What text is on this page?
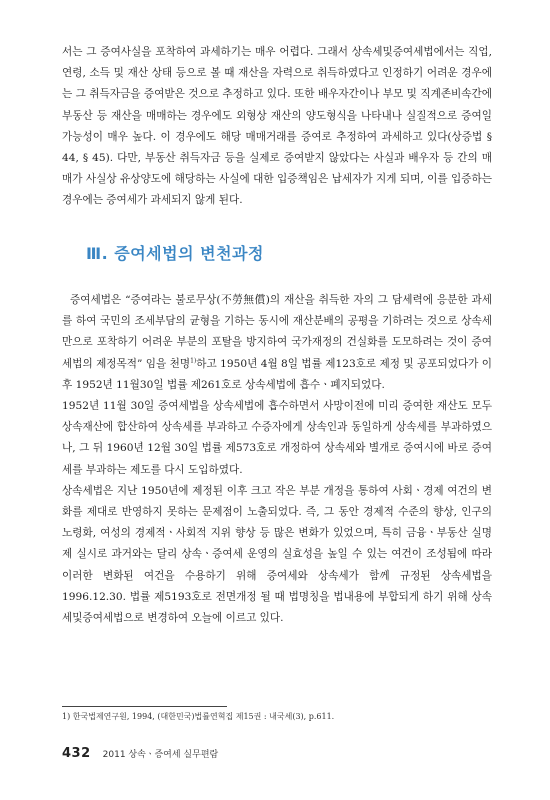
서는 그 증여사실을 포착하여 과세하기는 매우 어렵다. 그래서 상속세및증여세법에서는 직업, 연령, 소득 및 재산 상태 등으로 볼 때 재산을 자력으로 취득하였다고 인정하기 어려운 경우에는 그 취득자금을 증여받은 것으로 추정하고 있다. 또한 배우자간이나 부모 및 직계존비속간에 부동산 등 재산을 매매하는 경우에도 외형상 재산의 양도형식을 나타내나 실질적으로 증여일 가능성이 매우 높다. 이 경우에도 해당 매매거래를 증여로 추정하여 과세하고 있다(상증법 § 44, § 45). 다만, 부동산 취득자금 등을 실제로 증여받지 않았다는 사실과 배우자 등 간의 매매가 사실상 유상양도에 해당하는 사실에 대한 입증책임은 납세자가 지게 되며, 이를 입증하는 경우에는 증여세가 과세되지 않게 된다.

Ⅲ. 증여세법의 변천과정
증여세법은 “증여라는 불로무상(不勞無償)의 재산을 취득한 자의 그 담세력에 응분한 과세를 하여 국민의 조세부담의 균형을 기하는 동시에 재산분배의 공평을 기하려는 것으로 상속세만으로 포착하기 어려운 부분의 포탈을 방지하여 국가재정의 건실화를 도모하려는 것이 증여세법의 제정목적” 임을 천명$^{1)}$하고 1950년 4월 8일 법률 제123호로 제정 및 공포되었다가 이후 1952년 11월30일 법률 제261호로 상속세법에 흡수ㆍ폐지되었다.
1952년 11월 30일 증여세법을 상속세법에 흡수하면서 사망이전에 미리 증여한 재산도 모두 상속재산에 합산하여 상속세를 부과하고 수증자에게 상속인과 동일하게 상속세를 부과하였으나, 그 뒤 1960년 12월 30일 법률 제573호로 개정하여 상속세와 별개로 증여시에 바로 증여세를 부과하는 제도를 다시 도입하였다.
상속세법은 지난 1950년에 제정된 이후 크고 작은 부분 개정을 통하여 사회ㆍ경제 여건의 변화를 제대로 반영하지 못하는 문제점이 노출되었다. 즉, 그 동안 경제적 수준의 향상, 인구의 노령화, 여성의 경제적ㆍ사회적 지위 향상 등 많은 변화가 있었으며, 특히 금융ㆍ부동산 실명제 실시로 과거와는 달리 상속ㆍ증여세 운영의 실효성을 높일 수 있는 여건이 조성됨에 따라 이러한 변화된 여건을 수용하기 위해 증여세와 상속세가 함께 규정된 상속세법을 1996.12.30. 법률 제5193호로 전면개정 될 때 법명칭을 법내용에 부합되게 하기 위해 상속세및증여세법으로 변경하여 오늘에 이르고 있다.
1) 한국법제연구원, 1994, (대한민국)법률연혁집 제15권 : 내국세(3), p.611.
432 2011 상속ㆍ증여세 실무편람
